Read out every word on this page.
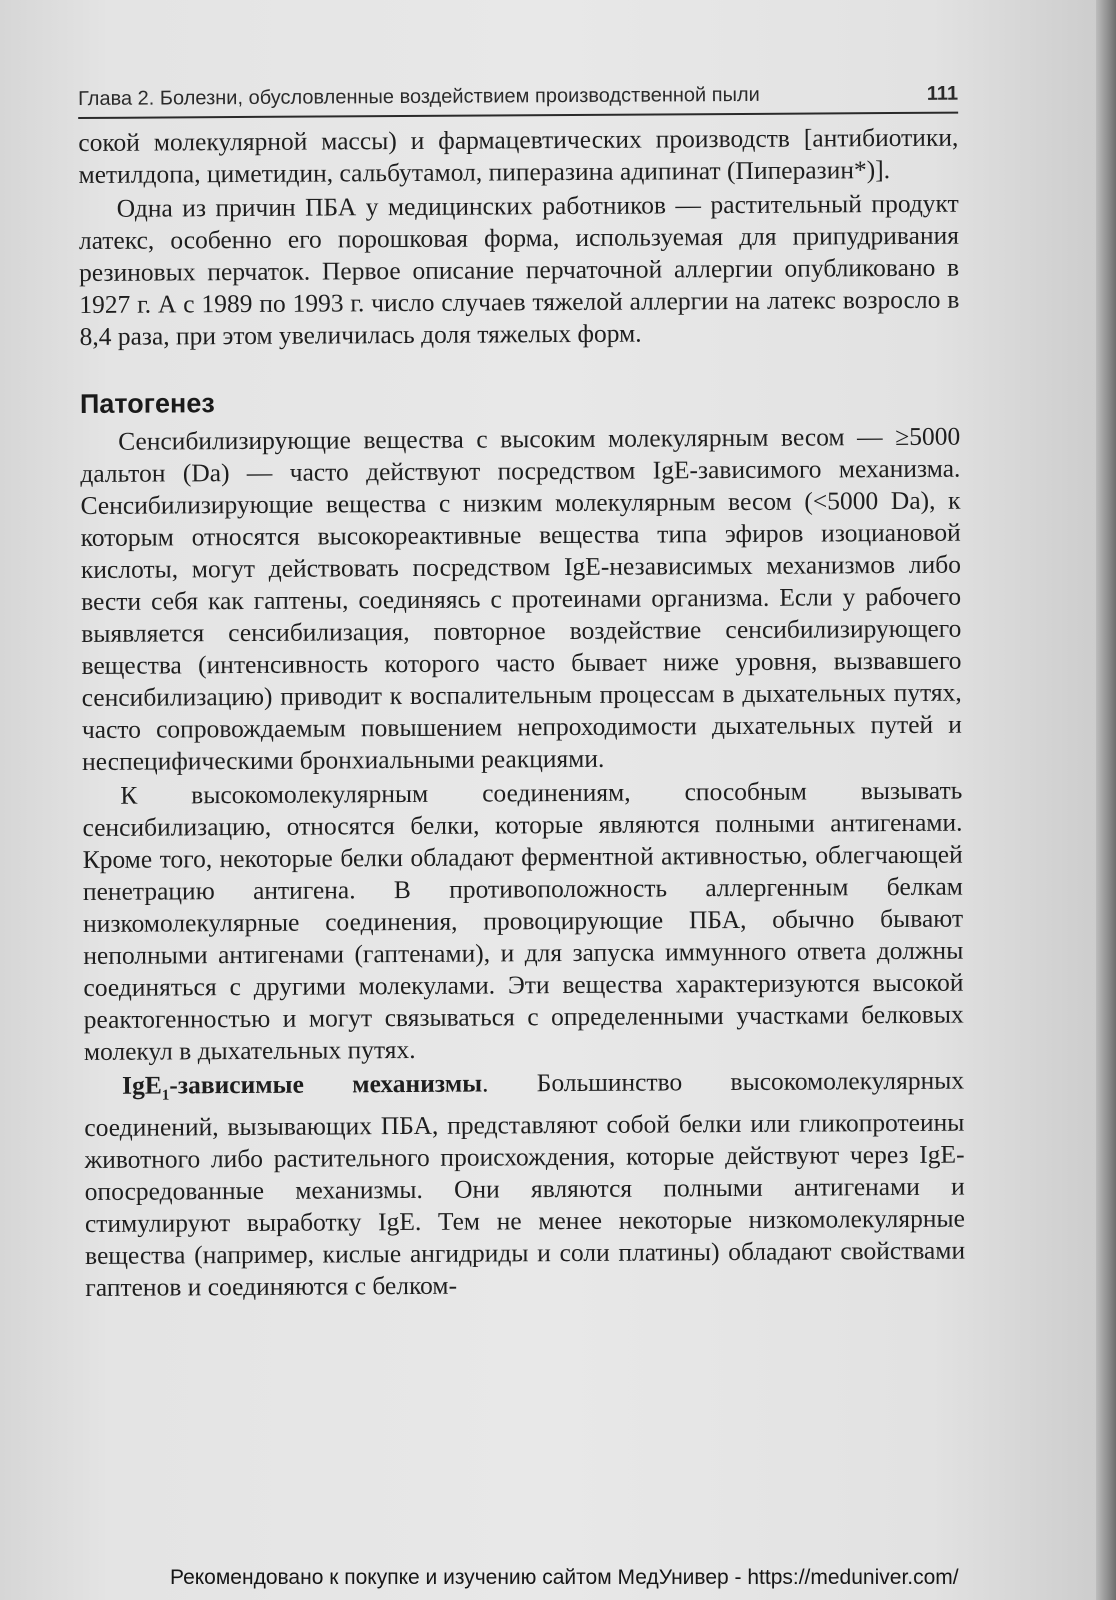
Глава 2. Болезни, обусловленные воздействием производственной пыли	111

сокой молекулярной массы) и фармацевтических производств [антибиотики, метилдопа, циметидин, сальбутамол, пиперазина адипинат (Пиперазин*)].

Одна из причин ПБА у медицинских работников — растительный продукт латекс, особенно его порошковая форма, используемая для припудривания резиновых перчаток. Первое описание перчаточной аллергии опубликовано в 1927 г. А с 1989 по 1993 г. число случаев тяжелой аллергии на латекс возросло в 8,4 раза, при этом увеличилась доля тяжелых форм.

Патогенез

Сенсибилизирующие вещества с высоким молекулярным весом — ≥5000 дальтон (Da) — часто действуют посредством IgE-зависимого механизма. Сенсибилизирующие вещества с низким молекулярным весом (<5000 Da), к которым относятся высокореактивные вещества типа эфиров изоциановой кислоты, могут действовать посредством IgE-независимых механизмов либо вести себя как гаптены, соединяясь с протеинами организма. Если у рабочего выявляется сенсибилизация, повторное воздействие сенсибилизирующего вещества (интенсивность которого часто бывает ниже уровня, вызвавшего сенсибилизацию) приводит к воспалительным процессам в дыхательных путях, часто сопровождаемым повышением непроходимости дыхательных путей и неспецифическими бронхиальными реакциями.

К высокомолекулярным соединениям, способным вызывать сенсибилизацию, относятся белки, которые являются полными антигенами. Кроме того, некоторые белки обладают ферментной активностью, облегчающей пенетрацию антигена. В противоположность аллергенным белкам низкомолекулярные соединения, провоцирующие ПБА, обычно бывают неполными антигенами (гаптенами), и для запуска иммунного ответа должны соединяться с другими молекулами. Эти вещества характеризуются высокой реактогенностью и могут связываться с определенными участками белковых молекул в дыхательных путях.

IgE$_1$-зависимые механизмы. Большинство высокомолекулярных соединений, вызывающих ПБА, представляют собой белки или гликопротеины животного либо растительного происхождения, которые действуют через IgE-опосредованные механизмы. Они являются полными антигенами и стимулируют выработку IgE. Тем не менее некоторые низкомолекулярные вещества (например, кислые ангидриды и соли платины) обладают свойствами гаптенов и соединяются с белком-

Рекомендовано к покупке и изучению сайтом МедУнивер - https://meduniver.com/
